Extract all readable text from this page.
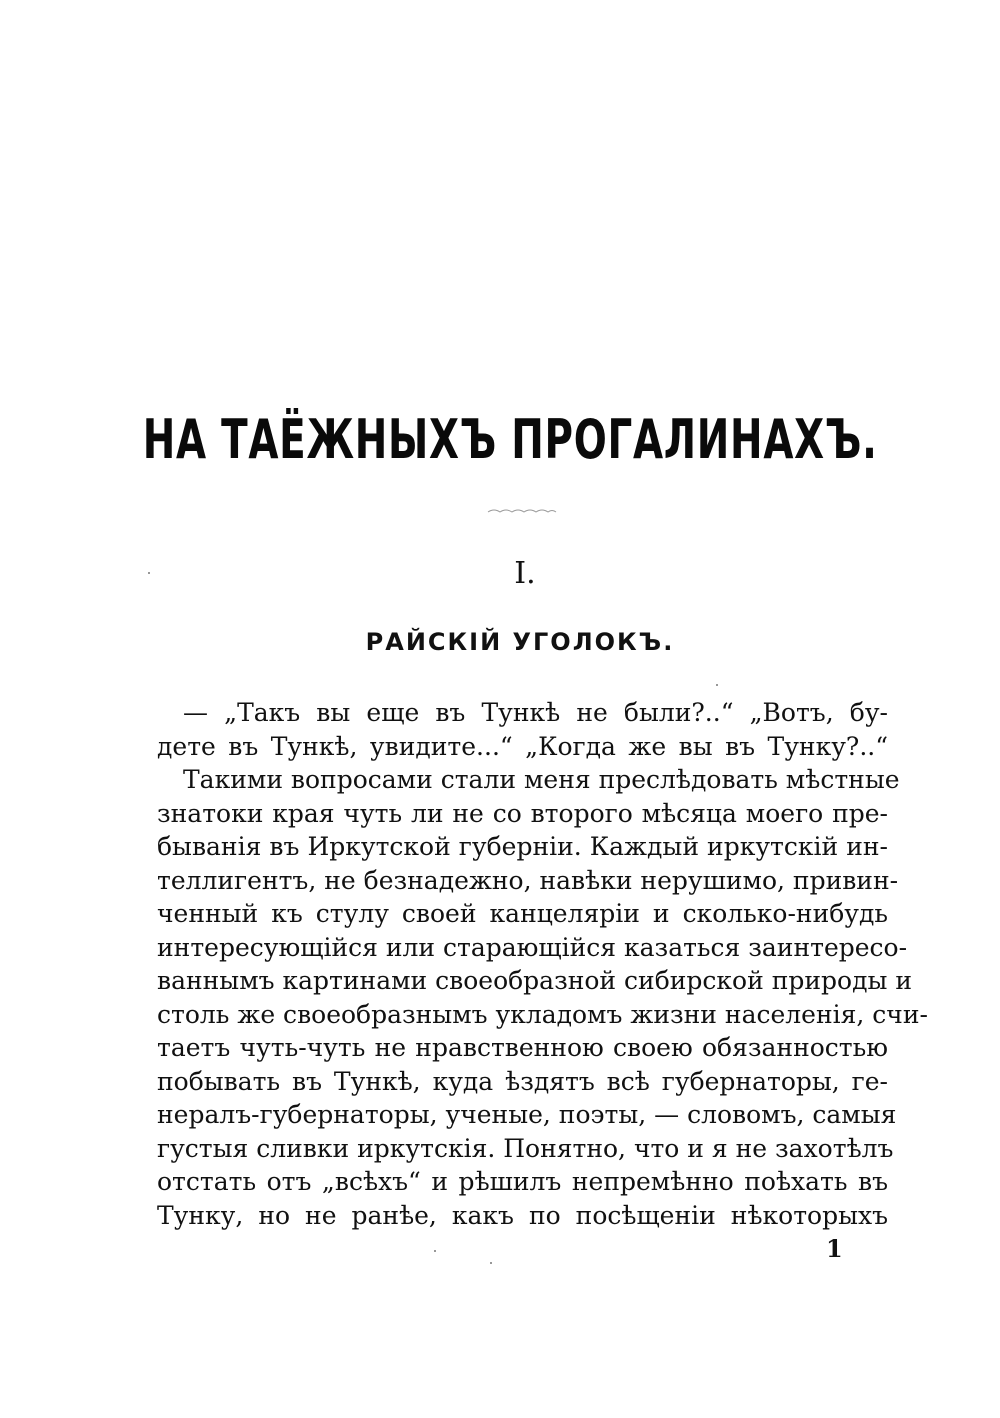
НА ТАЁЖНЫХЪ ПРОГАЛИНАХЪ.
I.
РАЙСКІЙ УГОЛОКЪ.
— „Такъ вы еще въ Тункѣ не были?..“ „Вотъ, бу-
дете въ Тункѣ, увидите...“ „Когда же вы въ Тунку?..“
Такими вопросами стали меня преслѣдовать мѣстные
знатоки края чуть ли не со второго мѣсяца моего пре-
быванія въ Иркутской губерніи. Каждый иркутскій ин-
теллигентъ, не безнадежно, навѣки нерушимо, привин-
ченный къ стулу своей канцеляріи и сколько-нибудь
интересующійся или старающійся казаться заинтересо-
ваннымъ картинами своеобразной сибирской природы и
столь же своеобразнымъ укладомъ жизни населенія, счи-
таетъ чуть-чуть не нравственною своею обязанностью
побывать въ Тункѣ, куда ѣздятъ всѣ губернаторы, ге-
нералъ-губернаторы, ученые, поэты, — словомъ, самыя
густыя сливки иркутскія. Понятно, что и я не захотѣлъ
отстать отъ „всѣхъ“ и рѣшилъ непремѣнно поѣхать въ
Тунку, но не ранѣе, какъ по посѣщеніи нѣкоторыхъ
1
